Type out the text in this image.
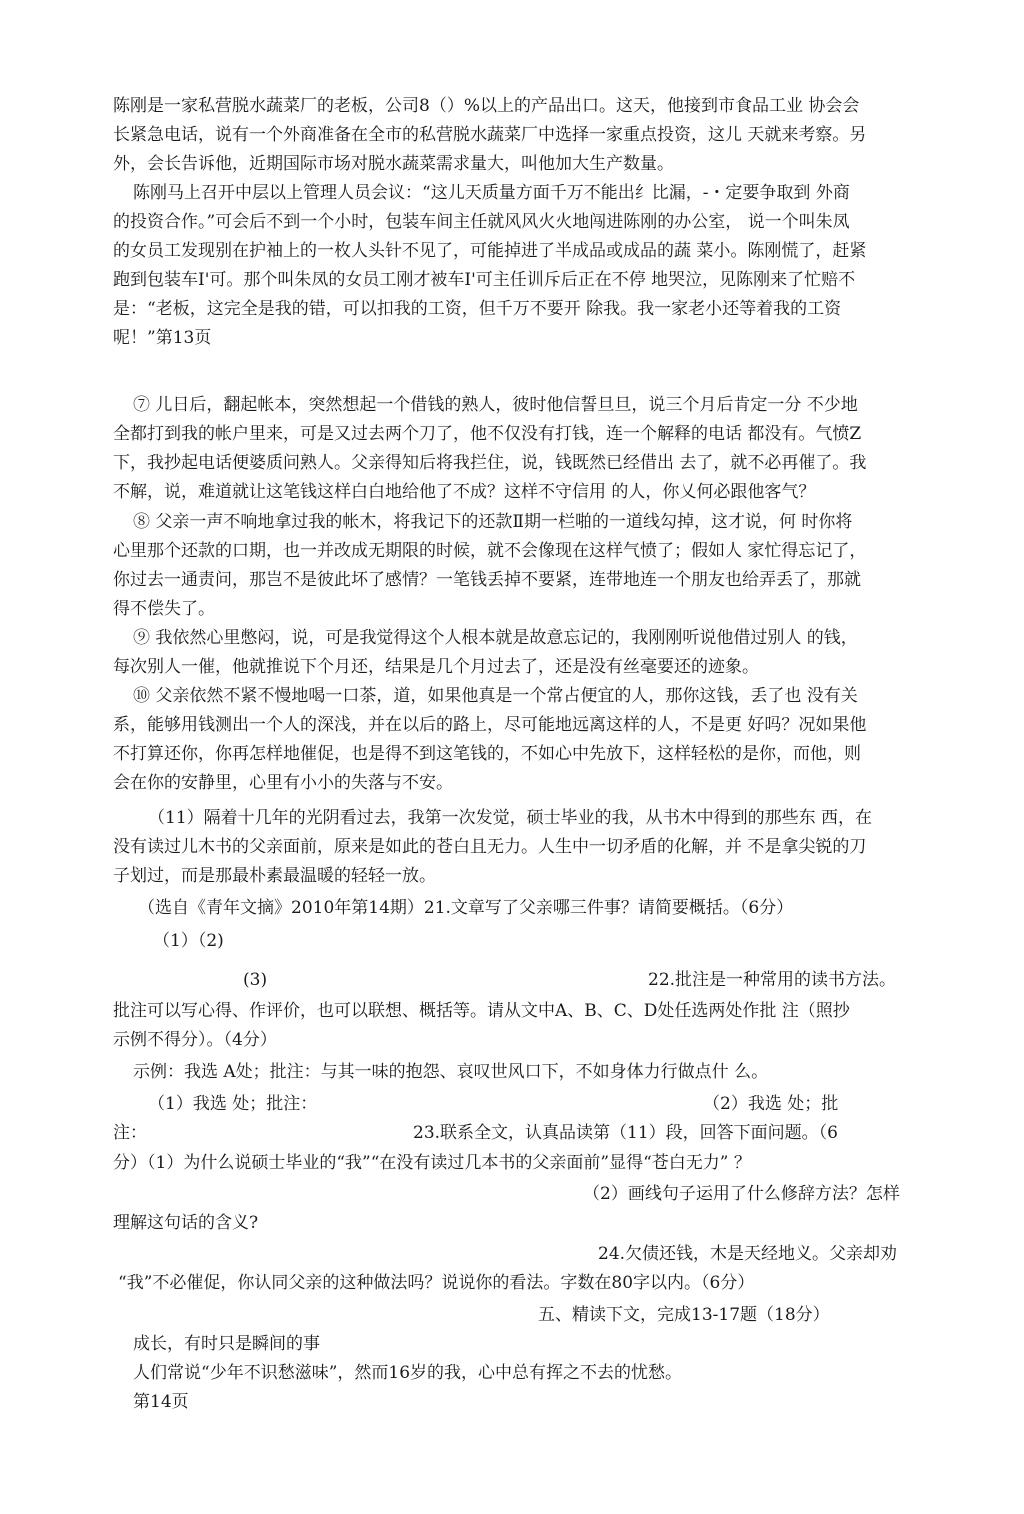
陈刚是一家私营脱水蔬菜厂的老板，公司8（）%以上的产品出口。这天，他接到市食品工业 协会会
长紧急电话，说有一个外商准备在全市的私营脱水蔬菜厂中选择一家重点投资，这儿 天就来考察。另
外，会长告诉他，近期国际市场对脱水蔬菜需求量大，叫他加大生产数量。
陈刚马上召开中层以上管理人员会议：“这儿天质量方面千万不能出纟比漏，-・定要争取到 外商
的投资合作。”可会后不到一个小时，包装车间主任就风风火火地闯进陈刚的办公室， 说一个叫朱凤
的女员工发现别在护袖上的一枚人头针不见了，可能掉进了半成品或成品的蔬 菜小。陈刚慌了，赶紧
跑到包装车I'可。那个叫朱凤的女员工刚才被车I'可主任训斥后正在不停 地哭泣，见陈刚来了忙赔不
是：“老板，这完全是我的错，可以扣我的工资，但千万不要开 除我。我一家老小还等着我的工资
呢！”第13页
⑦ 儿日后，翻起帐本，突然想起一个借钱的熟人，彼时他信誓旦旦，说三个月后肯定一分 不少地
全都打到我的帐户里来，可是又过去两个刀了，他不仅没有打钱，连一个解释的电话 都没有。气愤Z
下，我抄起电话便婆质问熟人。父亲得知后将我拦住，说，钱既然已经借出 去了，就不必再催了。我
不解，说，难道就让这笔钱这样白白地给他了不成？这样不守信用 的人，你乂何必跟他客气？
⑧ 父亲一声不响地拿过我的帐木，将我记下的还款Ⅱ期一栏啪的一道线勾掉，这才说，何 时你将
心里那个还款的口期，也一并改成无期限的时候，就不会像现在这样气愤了；假如人 家忙得忘记了，
你过去一通责问，那岂不是彼此坏了感情？一笔钱丢掉不要紧，连带地连一个朋友也给弄丢了，那就
得不偿失了。
⑨ 我依然心里憋闷，说，可是我觉得这个人根本就是故意忘记的，我刚刚听说他借过别人 的钱，
每次别人一催，他就推说下个月还，结果是几个月过去了，还是没有丝毫要还的迹象。
⑩ 父亲依然不紧不慢地喝一口茶，道，如果他真是一个常占便宜的人，那你这钱，丢了也 没有关
系，能够用钱测出一个人的深浅，并在以后的路上，尽可能地远离这样的人，不是更 好吗？况如果他
不打算还你，你再怎样地催促，也是得不到这笔钱的，不如心中先放下，这样轻松的是你，而他，则
会在你的安静里，心里有小小的失落与不安。
（11）隔着十几年的光阴看过去，我第一次发觉，硕士毕业的我，从书木中得到的那些东 西，在
没有读过儿木书的父亲面前，原来是如此的苍白且无力。人生中一切矛盾的化解，并 不是拿尖锐的刀
子划过，而是那最朴素最温暖的轻轻一放。
（选自《青年文摘》2010年第14期）21.文章写了父亲哪三件事？请简要概括。（6分）
（1）（2)
(3)	22.批注是一种常用的读书方法。
批注可以写心得、作评价，也可以联想、概括等。请从文中A、B、C、D处任选两处作批 注（照抄
示例不得分）。（4分）
示例：我选 A处；批注：与其一味的抱怨、哀叹世风口下，不如身体力行做点什 么。
（1）我选 处；批注：	（2）我选 处；批
注：	23.联系全文，认真品读第（11）段，回答下面问题。（6
分）（1）为什么说硕士毕业的“我”“在没有读过几本书的父亲面前”显得“苍白无力” ？
（2）画线句子运用了什么修辞方法？怎样
理解这句话的含义?
24.欠债还钱，木是天经地义。父亲却劝
“我”不必催促，你认同父亲的这种做法吗？说说你的看法。字数在80字以内。（6分）
五、精读下文，完成13-17题（18分）
成长，有时只是瞬间的事
人们常说“少年不识愁滋味”，然而16岁的我，心中总有挥之不去的忧愁。
第14页
